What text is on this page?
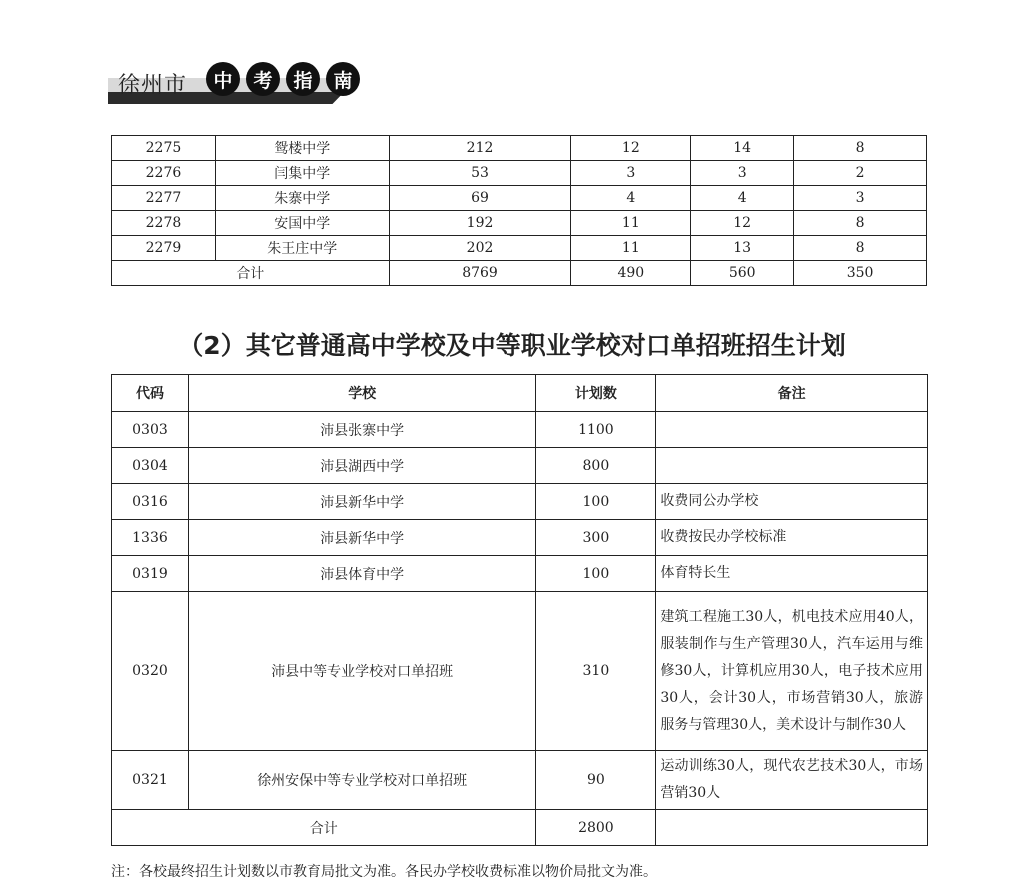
徐州市	中	考	指	南
2275	鸳楼中学	212	12	14	8
2276	闫集中学	53	3	3	2
2277	朱寨中学	69	4	4	3
2278	安国中学	192	11	12	8
2279	朱王庄中学	202	11	13	8
合计		8769	490	560	350
（2）其它普通高中学校及中等职业学校对口单招班招生计划
代码	学校	计划数	备注
0303	沛县张寨中学	1100	
0304	沛县湖西中学	800	
0316	沛县新华中学	100	收费同公办学校
1336	沛县新华中学	300	收费按民办学校标准
0319	沛县体育中学	100	体育特长生
0320	沛县中等专业学校对口单招班	310	建筑工程施工30人，机电技术应用40人，服装制作与生产管理30人，汽车运用与维修30人，计算机应用30人，电子技术应用30人，会计30人，市场营销30人，旅游服务与管理30人，美术设计与制作30人
0321	徐州安保中等专业学校对口单招班	90	运动训练30人，现代农艺技术30人，市场营销30人
合计		2800	
注：各校最终招生计划数以市教育局批文为准。各民办学校收费标准以物价局批文为准。
